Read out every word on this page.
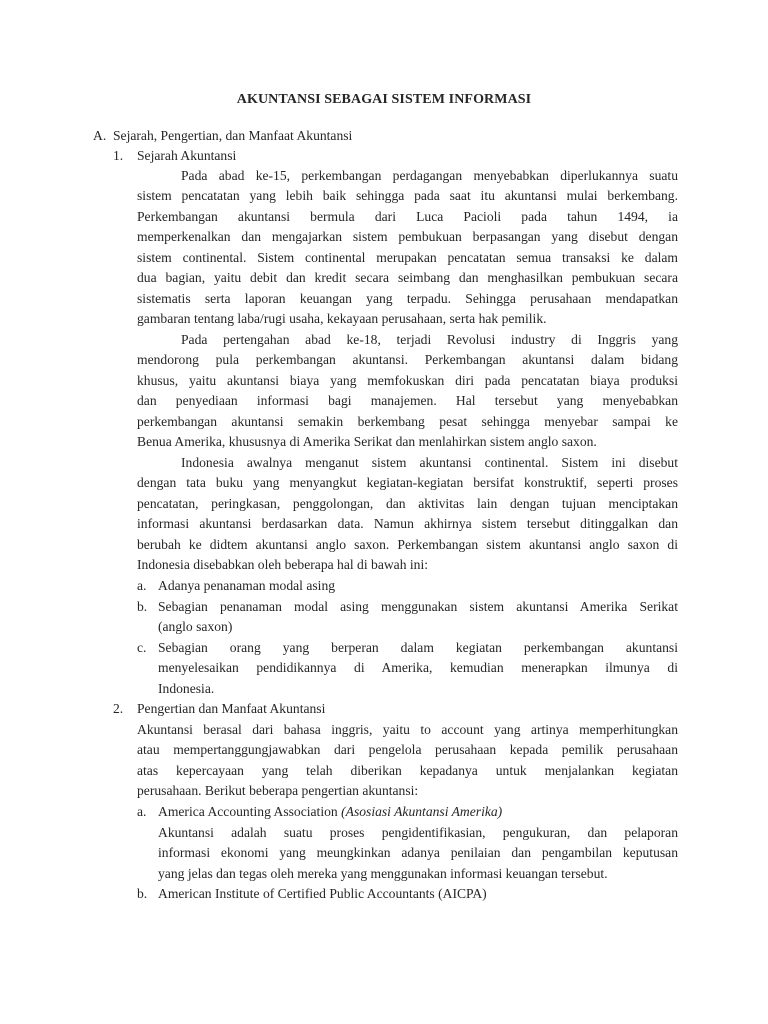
AKUNTANSI SEBAGAI SISTEM INFORMASI
A. Sejarah, Pengertian, dan Manfaat Akuntansi
1. Sejarah Akuntansi
Pada abad ke-15, perkembangan perdagangan menyebabkan diperlukannya suatu
sistem pencatatan yang lebih baik sehingga pada saat itu akuntansi mulai berkembang.
Perkembangan akuntansi bermula dari Luca Pacioli pada tahun 1494, ia
memperkenalkan dan mengajarkan sistem pembukuan berpasangan yang disebut dengan
sistem continental. Sistem continental merupakan pencatatan semua transaksi ke dalam
dua bagian, yaitu debit dan kredit secara seimbang dan menghasilkan pembukuan secara
sistematis serta laporan keuangan yang terpadu. Sehingga perusahaan mendapatkan
gambaran tentang laba/rugi usaha, kekayaan perusahaan, serta hak pemilik.
Pada pertengahan abad ke-18, terjadi Revolusi industry di Inggris yang
mendorong pula perkembangan akuntansi. Perkembangan akuntansi dalam bidang
khusus, yaitu akuntansi biaya yang memfokuskan diri pada pencatatan biaya produksi
dan penyediaan informasi bagi manajemen. Hal tersebut yang menyebabkan
perkembangan akuntansi semakin berkembang pesat sehingga menyebar sampai ke
Benua Amerika, khususnya di Amerika Serikat dan menlahirkan sistem anglo saxon.
Indonesia awalnya menganut sistem akuntansi continental. Sistem ini disebut
dengan tata buku yang menyangkut kegiatan-kegiatan bersifat konstruktif, seperti proses
pencatatan, peringkasan, penggolongan, dan aktivitas lain dengan tujuan menciptakan
informasi akuntansi berdasarkan data. Namun akhirnya sistem tersebut ditinggalkan dan
berubah ke didtem akuntansi anglo saxon. Perkembangan sistem akuntansi anglo saxon di
Indonesia disebabkan oleh beberapa hal di bawah ini:
a. Adanya penanaman modal asing
b. Sebagian penanaman modal asing menggunakan sistem akuntansi Amerika Serikat
(anglo saxon)
c. Sebagian orang yang berperan dalam kegiatan perkembangan akuntansi
menyelesaikan pendidikannya di Amerika, kemudian menerapkan ilmunya di
Indonesia.
2. Pengertian dan Manfaat Akuntansi
Akuntansi berasal dari bahasa inggris, yaitu to account yang artinya memperhitungkan
atau mempertanggungjawabkan dari pengelola perusahaan kepada pemilik perusahaan
atas kepercayaan yang telah diberikan kepadanya untuk menjalankan kegiatan
perusahaan. Berikut beberapa pengertian akuntansi:
a. America Accounting Association (Asosiasi Akuntansi Amerika)
Akuntansi adalah suatu proses pengidentifikasian, pengukuran, dan pelaporan
informasi ekonomi yang meungkinkan adanya penilaian dan pengambilan keputusan
yang jelas dan tegas oleh mereka yang menggunakan informasi keuangan tersebut.
b. American Institute of Certified Public Accountants (AICPA)
